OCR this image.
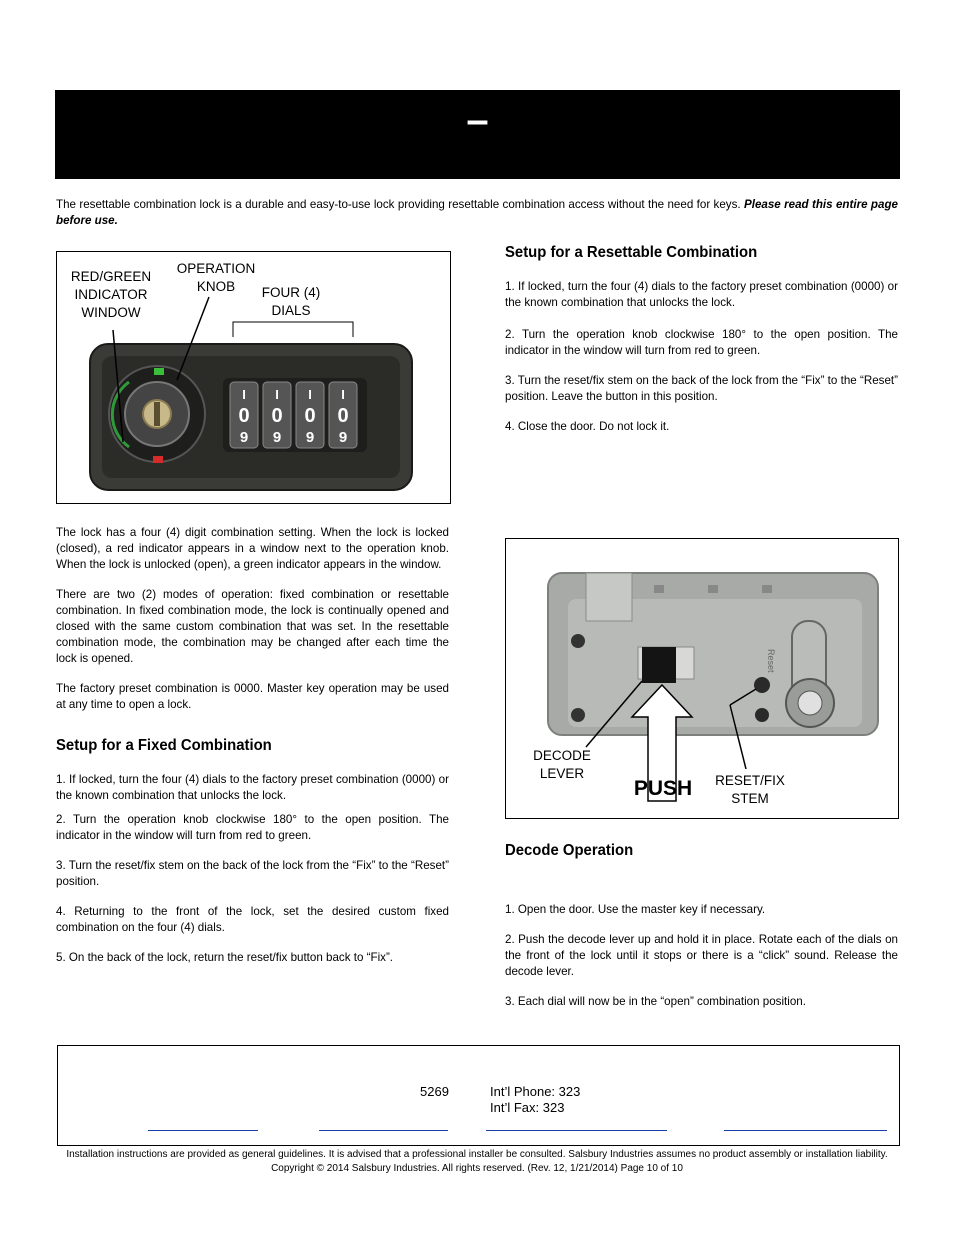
–
The resettable combination lock is a durable and easy-to-use lock providing resettable combination access without the need for keys. Please read this entire page before use.
RED/GREEN
INDICATOR
WINDOW
OPERATION
KNOB	FOUR (4)
DIALS
I I I I
0 0 0 0
9 9 9 9

The lock has a four (4) digit combination setting. When the lock is locked (closed), a red indicator appears in a window next to the operation knob. When the lock is unlocked (open), a green indicator appears in the window.

There are two (2) modes of operation: fixed combination or resettable combination. In fixed combination mode, the lock is continually opened and closed with the same custom combination that was set. In the resettable combination mode, the combination may be changed after each time the lock is opened.

The factory preset combination is 0000. Master key operation may be used at any time to open a lock.

Setup for a Fixed Combination

1. If locked, turn the four (4) dials to the factory preset combination (0000) or the known combination that unlocks the lock.

2. Turn the operation knob clockwise 180° to the open position. The indicator in the window will turn from red to green.

3. Turn the reset/fix stem on the back of the lock from the “Fix” to the “Reset” position.

4. Returning to the front of the lock, set the desired custom fixed combination on the four (4) dials.

5. On the back of the lock, return the reset/fix button back to “Fix”.

Setup for a Resettable Combination

1. If locked, turn the four (4) dials to the factory preset combination (0000) or the known combination that unlocks the lock.

2. Turn the operation knob clockwise 180° to the open position. The indicator in the window will turn from red to green.

3. Turn the reset/fix stem on the back of the lock from the “Fix” to the “Reset” position. Leave the button in this position.

4. Close the door. Do not lock it.

Reset
DECODE
LEVER
PUSH	RESET/FIX
STEM
Decode Operation

1. Open the door. Use the master key if necessary.

2. Push the decode lever up and hold it in place. Rotate each of the dials on the front of the lock until it stops or there is a “click” sound. Release the decode lever.

3. Each dial will now be in the “open” combination position.

5269	Int’l Phone: 323
Int’l Fax: 323
Installation instructions are provided as general guidelines. It is advised that a professional installer be consulted. Salsbury Industries assumes no product assembly or installation liability.
Copyright © 2014 Salsbury Industries. All rights reserved. (Rev. 12, 1/21/2014) Page 10 of 10
